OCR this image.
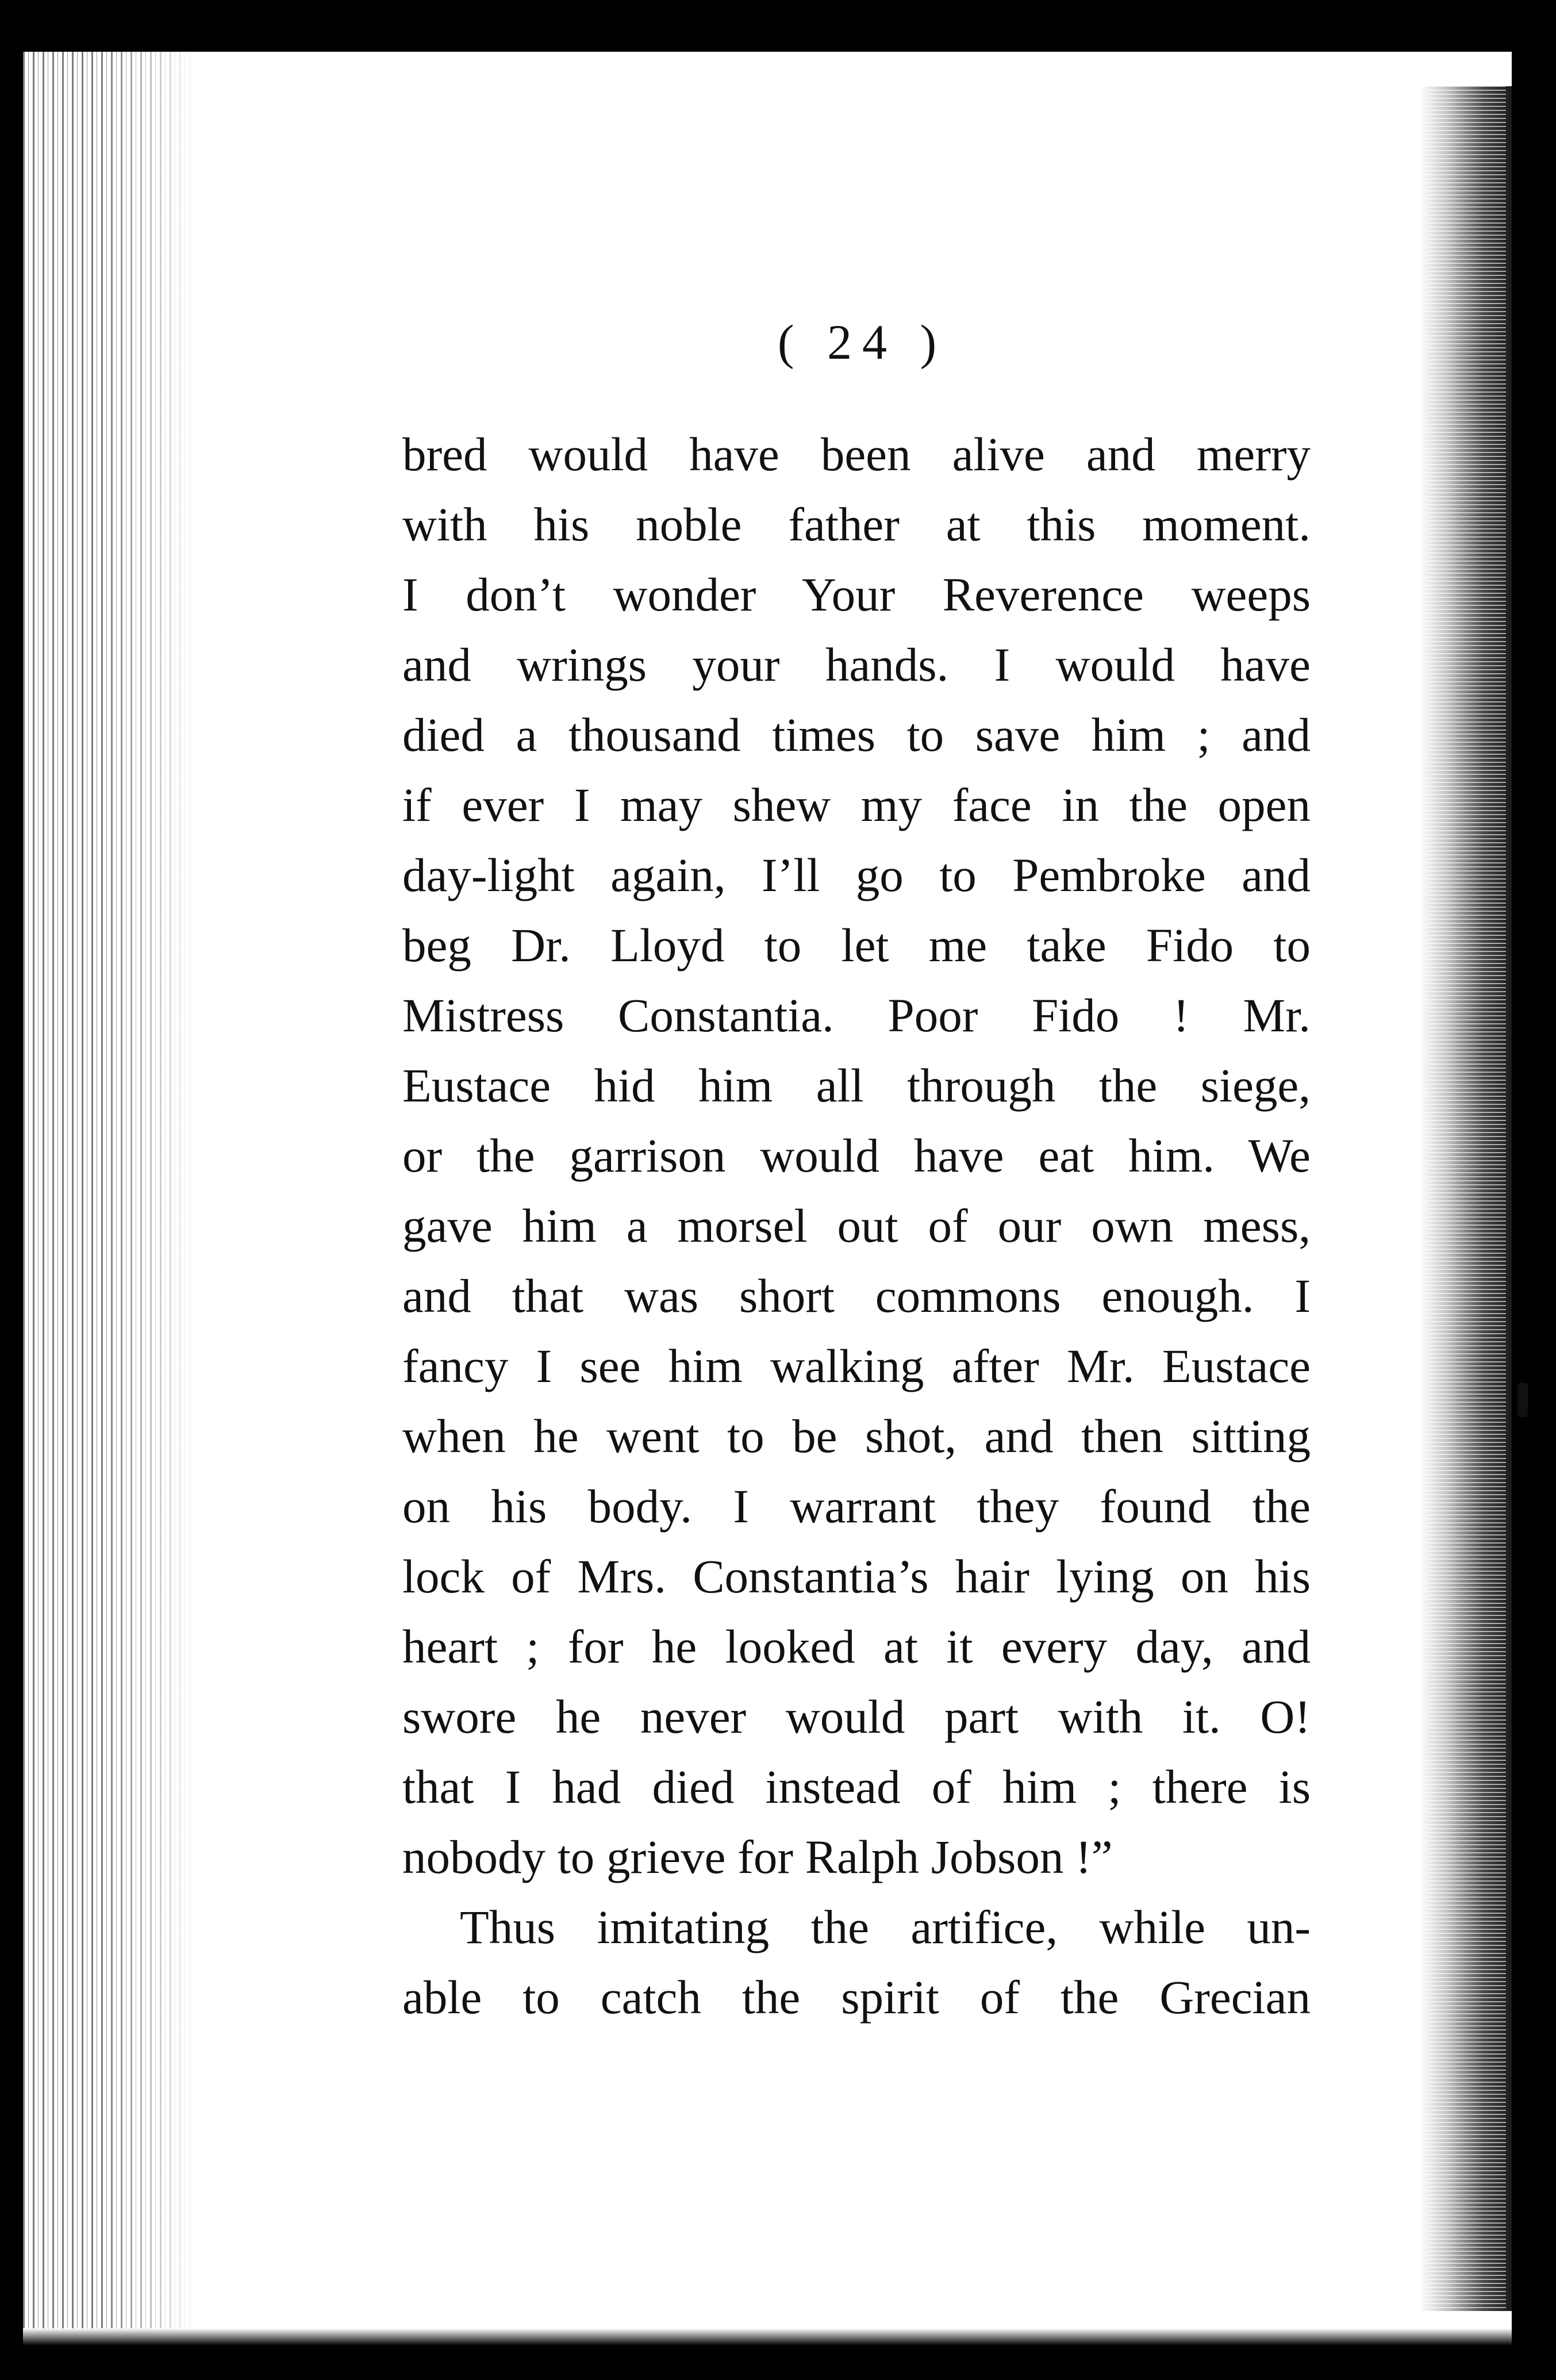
( 24 )
bred would have been alive and merry
with his noble father at this moment.
I don’t wonder Your Reverence weeps
and wrings your hands. I would have
died a thousand times to save him ; and
if ever I may shew my face in the open
day-light again, I’ll go to Pembroke and
beg Dr. Lloyd to let me take Fido to
Mistress Constantia. Poor Fido ! Mr.
Eustace hid him all through the siege,
or the garrison would have eat him. We
gave him a morsel out of our own mess,
and that was short commons enough. I
fancy I see him walking after Mr. Eustace
when he went to be shot, and then sitting
on his body. I warrant they found the
lock of Mrs. Constantia’s hair lying on his
heart ; for he looked at it every day, and
swore he never would part with it. O!
that I had died instead of him ; there is
nobody to grieve for Ralph Jobson !”
Thus imitating the artifice, while un-
able to catch the spirit of the Grecian
